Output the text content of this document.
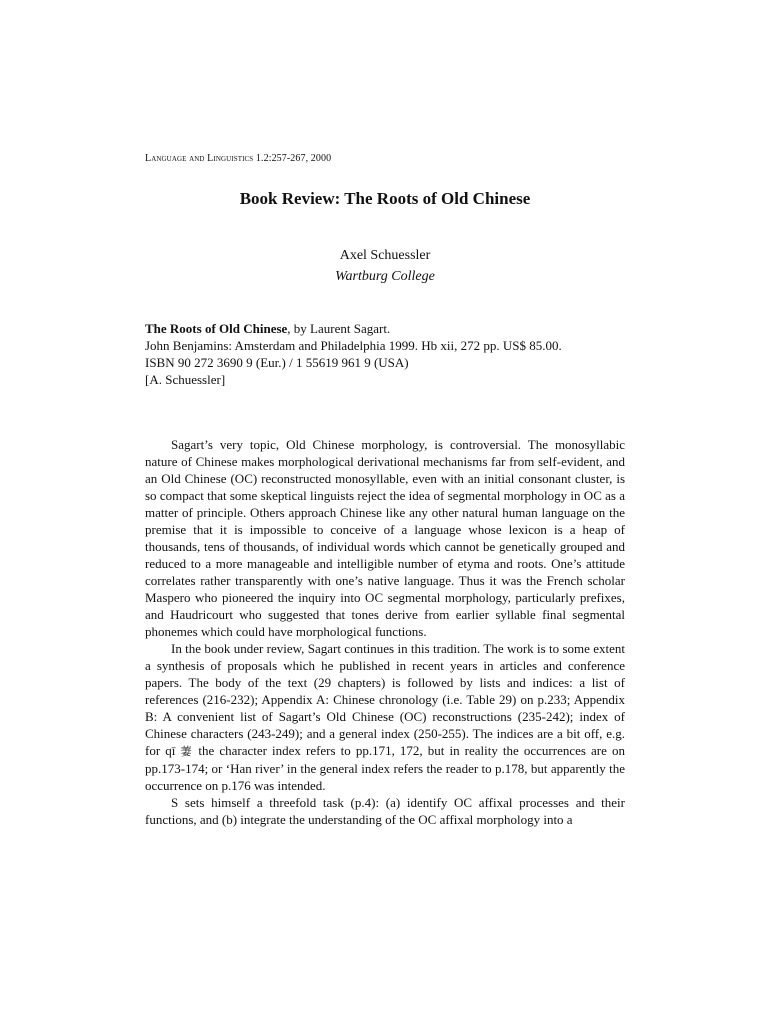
Language and Linguistics 1.2:257-267, 2000
Book Review: The Roots of Old Chinese
Axel Schuessler
Wartburg College
The Roots of Old Chinese, by Laurent Sagart.
John Benjamins: Amsterdam and Philadelphia 1999. Hb xii, 272 pp. US$ 85.00.
ISBN 90 272 3690 9 (Eur.) / 1 55619 961 9 (USA)
[A. Schuessler]

Sagart’s very topic, Old Chinese morphology, is controversial. The monosyllabic nature of Chinese makes morphological derivational mechanisms far from self-evident, and an Old Chinese (OC) reconstructed monosyllable, even with an initial consonant cluster, is so compact that some skeptical linguists reject the idea of segmental morphology in OC as a matter of principle. Others approach Chinese like any other natural human language on the premise that it is impossible to conceive of a language whose lexicon is a heap of thousands, tens of thousands, of individual words which cannot be genetically grouped and reduced to a more manageable and intelligible number of etyma and roots. One’s attitude correlates rather transparently with one’s native language. Thus it was the French scholar Maspero who pioneered the inquiry into OC segmental morphology, particularly prefixes, and Haudricourt who suggested that tones derive from earlier syllable final segmental phonemes which could have morphological functions.

In the book under review, Sagart continues in this tradition. The work is to some extent a synthesis of proposals which he published in recent years in articles and conference papers. The body of the text (29 chapters) is followed by lists and indices: a list of references (216-232); Appendix A: Chinese chronology (i.e. Table 29) on p.233; Appendix B: A convenient list of Sagart’s Old Chinese (OC) reconstructions (235-242); index of Chinese characters (243-249); and a general index (250-255). The indices are a bit off, e.g. for qī 萋 the character index refers to pp.171, 172, but in reality the occurrences are on pp.173-174; or ‘Han river’ in the general index refers the reader to p.178, but apparently the occurrence on p.176 was intended.

S sets himself a threefold task (p.4): (a) identify OC affixal processes and their functions, and (b) integrate the understanding of the OC affixal morphology into a
